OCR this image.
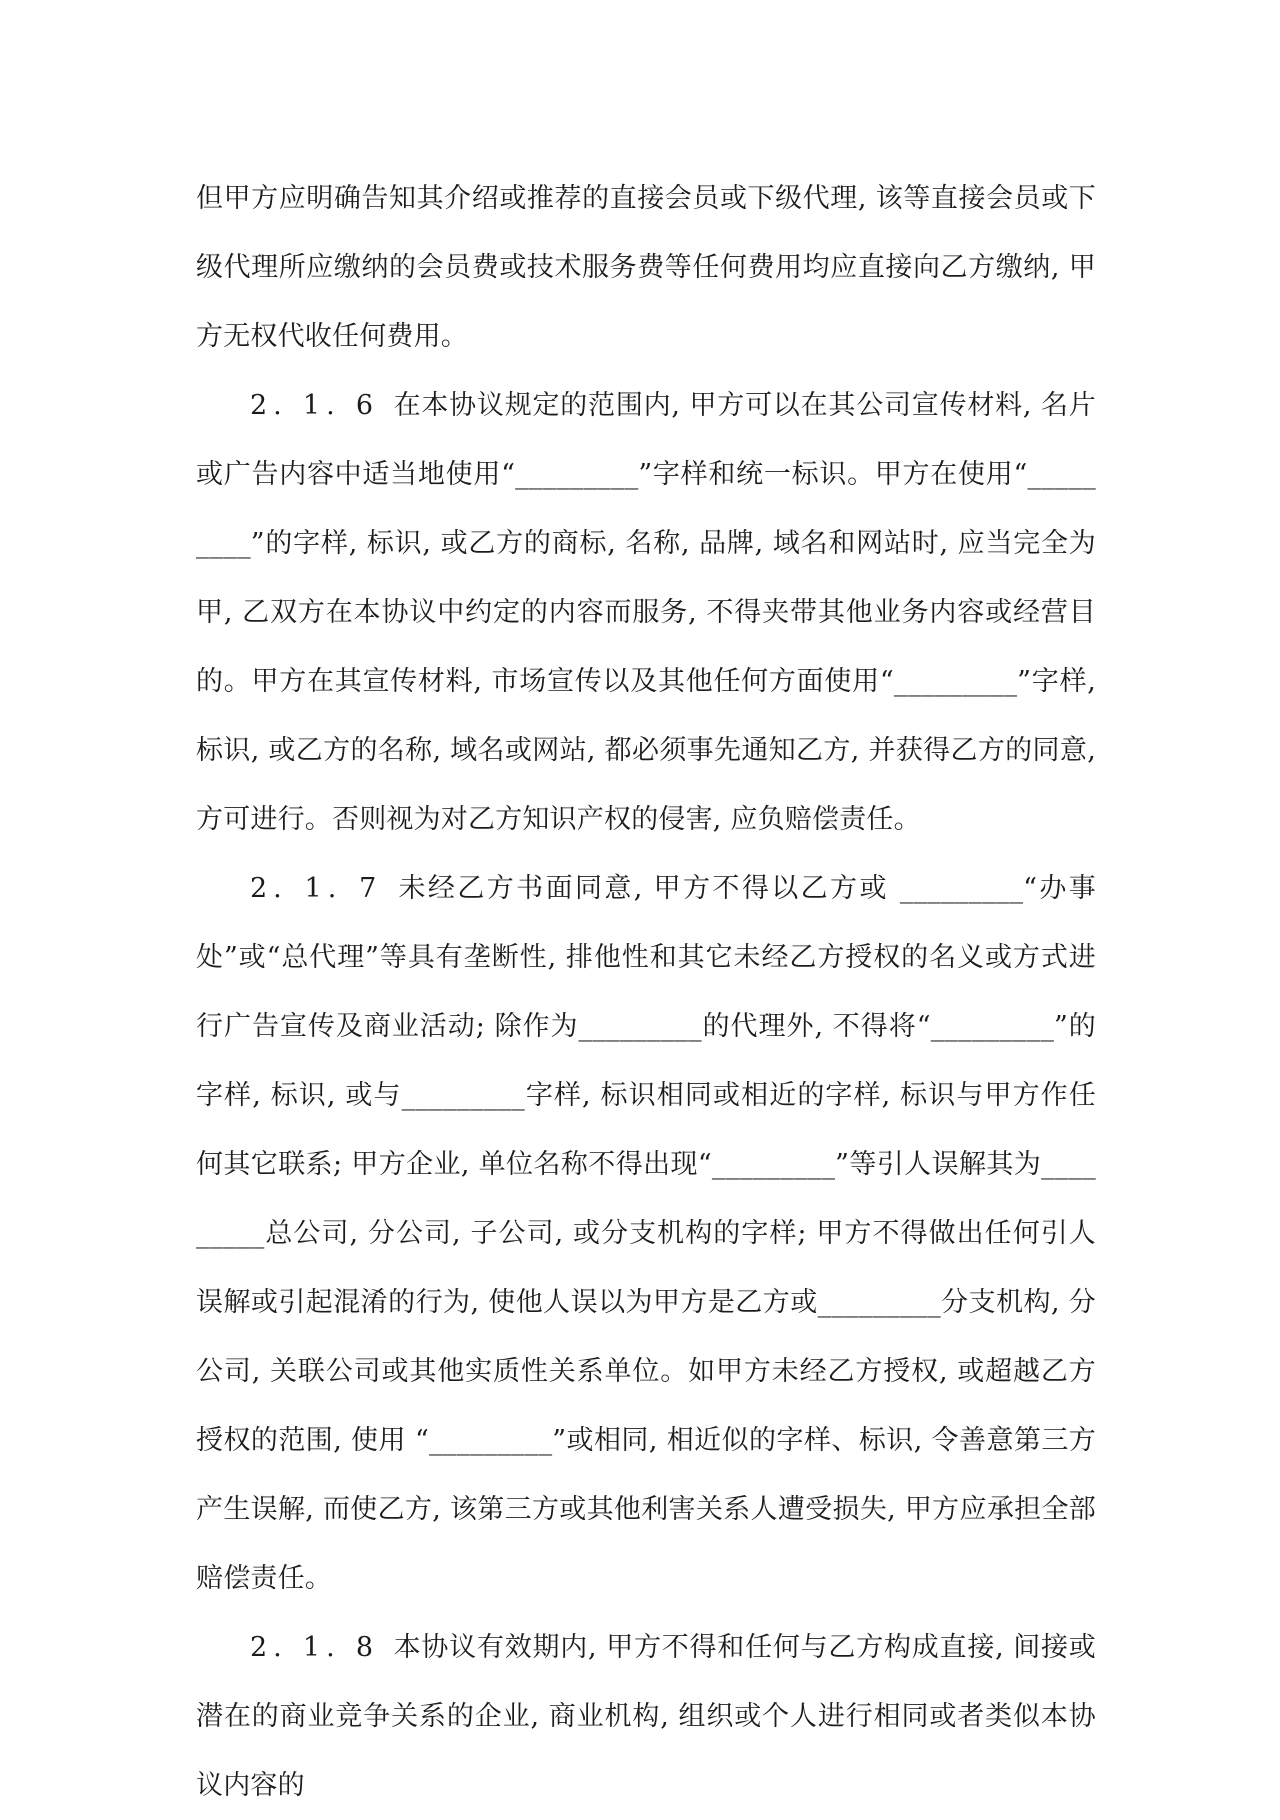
但甲方应明确告知其介绍或推荐的直接会员或下级代理, 该等直接会员或下级代理所应缴纳的会员费或技术服务费等任何费用均应直接向乙方缴纳, 甲方无权代收任何费用。

2. 1. 6 在本协议规定的范围内, 甲方可以在其公司宣传材料, 名片或广告内容中适当地使用“_________”字样和统一标识。甲方在使用“_________”的字样, 标识, 或乙方的商标, 名称, 品牌, 域名和网站时, 应当完全为甲, 乙双方在本协议中约定的内容而服务, 不得夹带其他业务内容或经营目的。甲方在其宣传材料, 市场宣传以及其他任何方面使用“_________”字样, 标识, 或乙方的名称, 域名或网站, 都必须事先通知乙方, 并获得乙方的同意, 方可进行。否则视为对乙方知识产权的侵害, 应负赔偿责任。

2. 1. 7 未经乙方书面同意, 甲方不得以乙方或 _________“办事处”或“总代理”等具有垄断性, 排他性和其它未经乙方授权的名义或方式进行广告宣传及商业活动; 除作为_________的代理外, 不得将“_________”的字样, 标识, 或与_________字样, 标识相同或相近的字样, 标识与甲方作任何其它联系; 甲方企业, 单位名称不得出现“_________”等引人误解其为_________总公司, 分公司, 子公司, 或分支机构的字样; 甲方不得做出任何引人误解或引起混淆的行为, 使他人误以为甲方是乙方或_________分支机构, 分公司, 关联公司或其他实质性关系单位。如甲方未经乙方授权, 或超越乙方授权的范围, 使用 “_________”或相同, 相近似的字样、标识, 令善意第三方产生误解, 而使乙方, 该第三方或其他利害关系人遭受损失, 甲方应承担全部赔偿责任。

2. 1. 8 本协议有效期内, 甲方不得和任何与乙方构成直接, 间接或潜在的商业竞争关系的企业, 商业机构, 组织或个人进行相同或者类似本协议内容的
